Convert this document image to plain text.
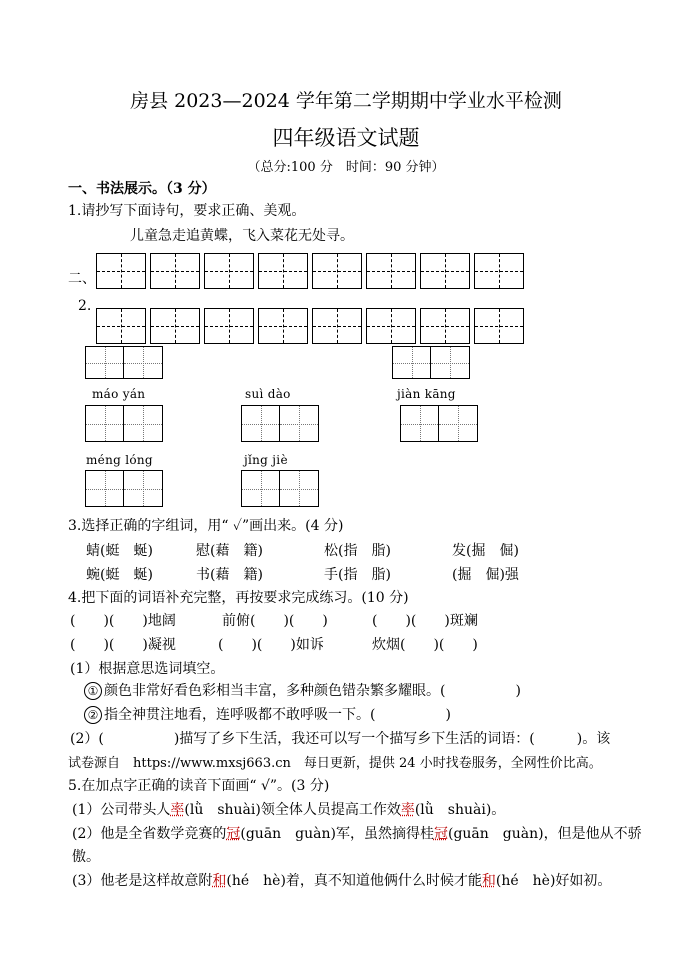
房县 2023—2024 学年第二学期期中学业水平检测
四年级语文试题
（总分:100 分　时间：90 分钟）
一、书法展示。（3 分）
1.请抄写下面诗句，要求正确、美观。
儿童急走追黄蝶，飞入菜花无处寻。
二、
2.
máo yán	suì dào	jiàn kāng
méng lóng	jǐng jiè
3.选择正确的字组词，用“ ✓”画出来。(4 分)
蜻(蜓　蜒)	慰(藉　籍)	松(指　脂)	发(掘　倔)
蜿(蜓　蜒)	书(藉　籍)	手(指　脂)	(掘　倔)强
4.把下面的词语补充完整，再按要求完成练习。(10 分)
(　　)(　　)地阔	前俯(　　)(　　)	(　　)(　　)斑斓
(　　)(　　)凝视	(　　)(　　)如诉	炊烟(　　)(　　)
(1）根据意思选词填空。
① 颜色非常好看色彩相当丰富，多种颜色错杂繁多耀眼。(　　　　　)
② 指全神贯注地看，连呼吸都不敢呼吸一下。(　　　　　)
(2）(　　　　　)描写了乡下生活，我还可以写一个描写乡下生活的词语：(　　　)。该
试卷源自　https://www.mxsj663.cn　每日更新，提供 24 小时找卷服务，全网性价比高。
5.在加点字正确的读音下面画“ √”。(3 分)
(1）公司带头人率(lǜ　shuài)领全体人员提高工作效率(lǜ　shuài)。
(2）他是全省数学竞赛的冠(guān　guàn)军，虽然摘得桂冠(guān　guàn)，但是他从不骄
傲。
(3）他老是这样故意附和(hé　hè)着，真不知道他俩什么时候才能和(hé　hè)好如初。
